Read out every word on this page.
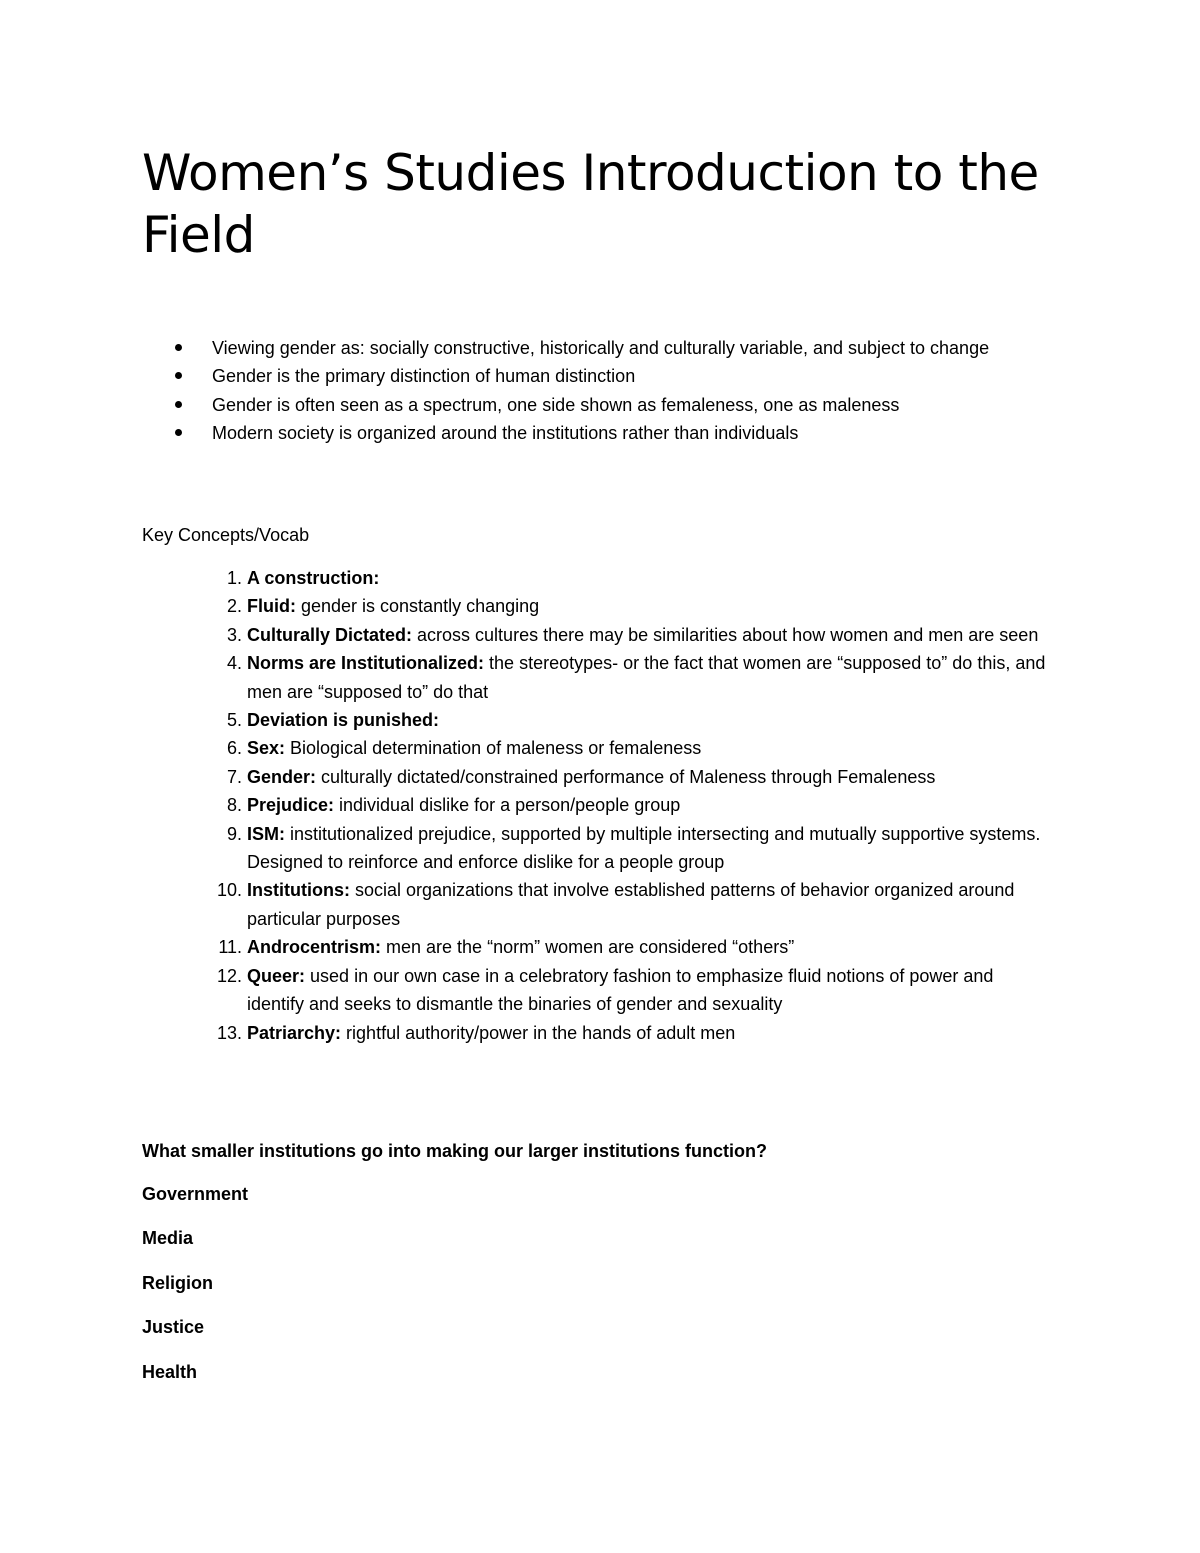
Women’s Studies Introduction to the Field
Viewing gender as: socially constructive, historically and culturally variable, and subject to change
Gender is the primary distinction of human distinction
Gender is often seen as a spectrum, one side shown as femaleness, one as maleness
Modern society is organized around the institutions rather than individuals

Key Concepts/Vocab

1. A construction:
2. Fluid: gender is constantly changing
3. Culturally Dictated: across cultures there may be similarities about how women and men are seen
4. Norms are Institutionalized: the stereotypes- or the fact that women are “supposed to” do this, and men are “supposed to” do that
5. Deviation is punished:
6. Sex: Biological determination of maleness or femaleness
7. Gender: culturally dictated/constrained performance of Maleness through Femaleness
8. Prejudice: individual dislike for a person/people group
9. ISM: institutionalized prejudice, supported by multiple intersecting and mutually supportive systems. Designed to reinforce and enforce dislike for a people group
10. Institutions: social organizations that involve established patterns of behavior organized around particular purposes
11. Androcentrism: men are the “norm” women are considered “others”
12. Queer: used in our own case in a celebratory fashion to emphasize fluid notions of power and identify and seeks to dismantle the binaries of gender and sexuality
13. Patriarchy: rightful authority/power in the hands of adult men

What smaller institutions go into making our larger institutions function?

Government
Media
Religion
Justice
Health
